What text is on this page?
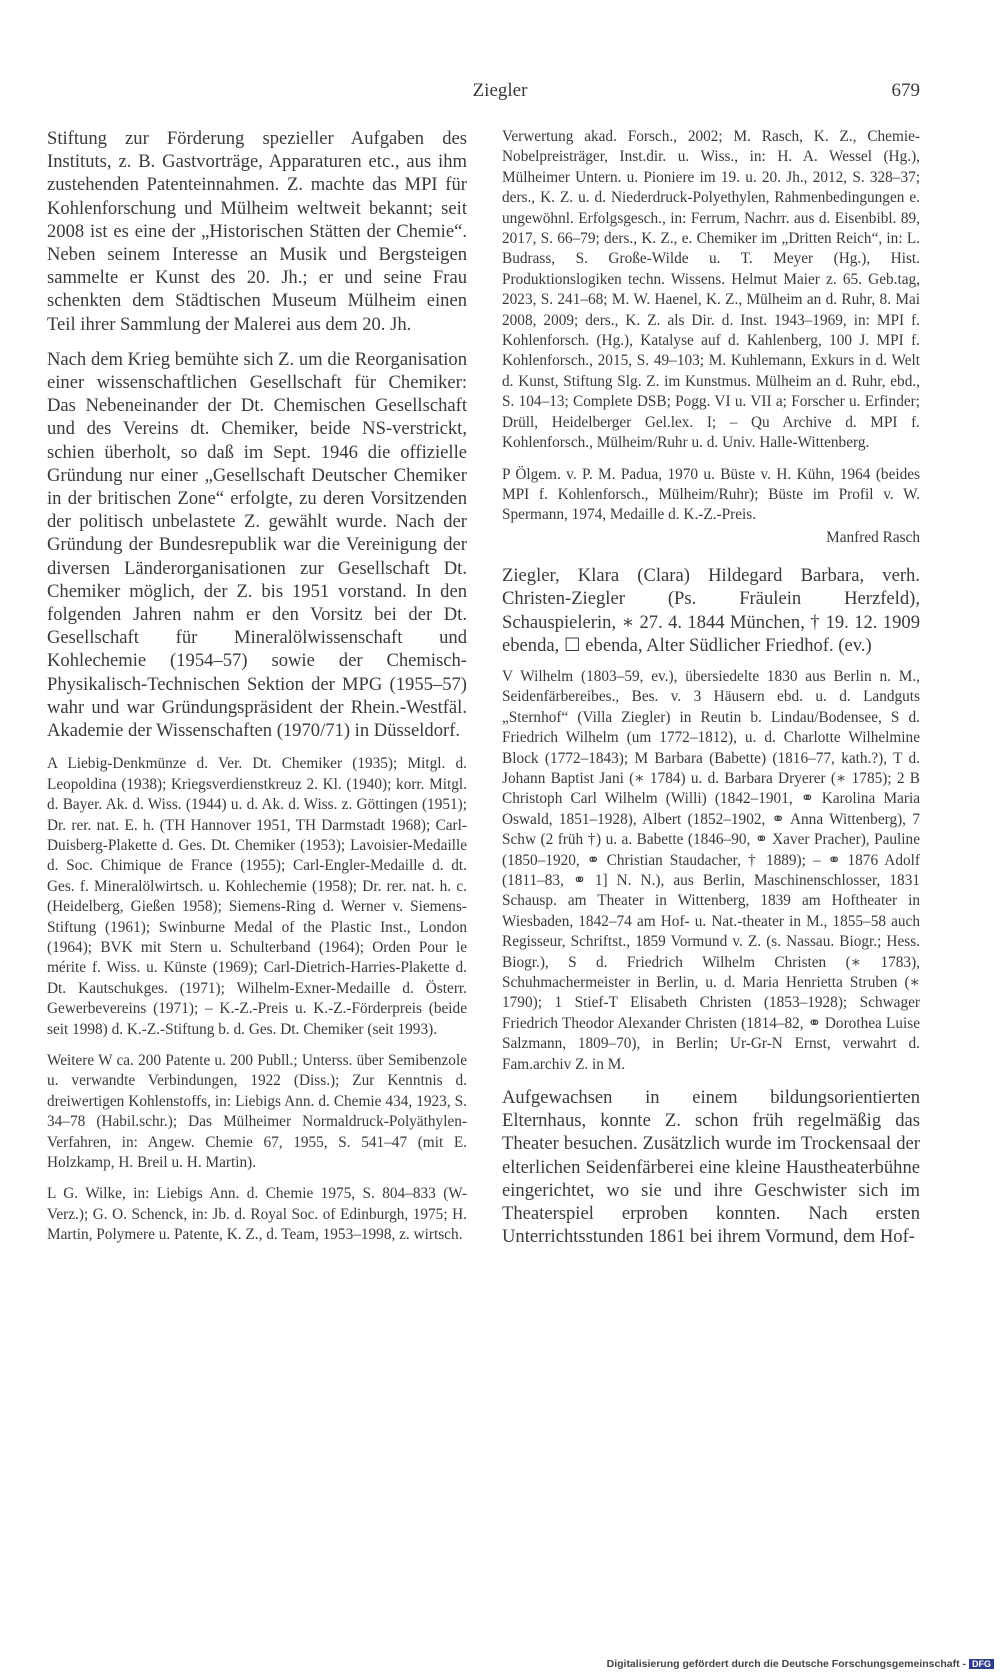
Ziegler	679

Stiftung zur Förderung spezieller Aufgaben des Instituts, z. B. Gastvorträge, Apparaturen etc., aus ihm zustehenden Patenteinnahmen. Z. machte das MPI für Kohlenforschung und Mülheim weltweit bekannt; seit 2008 ist es eine der „Historischen Stätten der Chemie“. Neben seinem Interesse an Musik und Bergsteigen sammelte er Kunst des 20. Jh.; er und seine Frau schenkten dem Städtischen Museum Mülheim einen Teil ihrer Sammlung der Malerei aus dem 20. Jh.

Nach dem Krieg bemühte sich Z. um die Reorganisation einer wissenschaftlichen Gesellschaft für Chemiker: Das Nebeneinander der Dt. Chemischen Gesellschaft und des Vereins dt. Chemiker, beide NS-verstrickt, schien überholt, so daß im Sept. 1946 die offizielle Gründung nur einer „Gesellschaft Deutscher Chemiker in der britischen Zone“ erfolgte, zu deren Vorsitzenden der politisch unbelastete Z. gewählt wurde. Nach der Gründung der Bundesrepublik war die Vereinigung der diversen Länderorganisationen zur Gesellschaft Dt. Chemiker möglich, der Z. bis 1951 vorstand. In den folgenden Jahren nahm er den Vorsitz bei der Dt. Gesellschaft für Mineralölwissenschaft und Kohlechemie (1954–57) sowie der Chemisch-Physikalisch-Technischen Sektion der MPG (1955–57) wahr und war Gründungspräsident der Rhein.-Westfäl. Akademie der Wissenschaften (1970/71) in Düsseldorf.

A Liebig-Denkmünze d. Ver. Dt. Chemiker (1935); Mitgl. d. Leopoldina (1938); Kriegsverdienstkreuz 2. Kl. (1940); korr. Mitgl. d. Bayer. Ak. d. Wiss. (1944) u. d. Ak. d. Wiss. z. Göttingen (1951); Dr. rer. nat. E. h. (TH Hannover 1951, TH Darmstadt 1968); Carl-Duisberg-Plakette d. Ges. Dt. Chemiker (1953); Lavoisier-Medaille d. Soc. Chimique de France (1955); Carl-Engler-Medaille d. dt. Ges. f. Mineralölwirtsch. u. Kohlechemie (1958); Dr. rer. nat. h. c. (Heidelberg, Gießen 1958); Siemens-Ring d. Werner v. Siemens-Stiftung (1961); Swinburne Medal of the Plastic Inst., London (1964); BVK mit Stern u. Schulterband (1964); Orden Pour le mérite f. Wiss. u. Künste (1969); Carl-Dietrich-Harries-Plakette d. Dt. Kautschukges. (1971); Wilhelm-Exner-Medaille d. Österr. Gewerbevereins (1971); – K.-Z.-Preis u. K.-Z.-Förderpreis (beide seit 1998) d. K.-Z.-Stiftung b. d. Ges. Dt. Chemiker (seit 1993).

Weitere W ca. 200 Patente u. 200 Publl.; Unterss. über Semibenzole u. verwandte Verbindungen, 1922 (Diss.); Zur Kenntnis d. dreiwertigen Kohlenstoffs, in: Liebigs Ann. d. Chemie 434, 1923, S. 34–78 (Habil.schr.); Das Mülheimer Normaldruck-Polyäthylen-Verfahren, in: Angew. Chemie 67, 1955, S. 541–47 (mit E. Holzkamp, H. Breil u. H. Martin).

L G. Wilke, in: Liebigs Ann. d. Chemie 1975, S. 804–833 (W-Verz.); G. O. Schenck, in: Jb. d. Royal Soc. of Edinburgh, 1975; H. Martin, Polymere u. Patente, K. Z., d. Team, 1953–1998, z. wirtsch.

Verwertung akad. Forsch., 2002; M. Rasch, K. Z., Chemie-Nobelpreisträger, Inst.dir. u. Wiss., in: H. A. Wessel (Hg.), Mülheimer Untern. u. Pioniere im 19. u. 20. Jh., 2012, S. 328–37; ders., K. Z. u. d. Niederdruck-Polyethylen, Rahmenbedingungen e. ungewöhnl. Erfolgsgesch., in: Ferrum, Nachrr. aus d. Eisenbibl. 89, 2017, S. 66–79; ders., K. Z., e. Chemiker im „Dritten Reich“, in: L. Budrass, S. Große-Wilde u. T. Meyer (Hg.), Hist. Produktionslogiken techn. Wissens. Helmut Maier z. 65. Geb.tag, 2023, S. 241–68; M. W. Haenel, K. Z., Mülheim an d. Ruhr, 8. Mai 2008, 2009; ders., K. Z. als Dir. d. Inst. 1943–1969, in: MPI f. Kohlenforsch. (Hg.), Katalyse auf d. Kahlenberg, 100 J. MPI f. Kohlenforsch., 2015, S. 49–103; M. Kuhlemann, Exkurs in d. Welt d. Kunst, Stiftung Slg. Z. im Kunstmus. Mülheim an d. Ruhr, ebd., S. 104–13; Complete DSB; Pogg. VI u. VII a; Forscher u. Erfinder; Drüll, Heidelberger Gel.lex. I; – Qu Archive d. MPI f. Kohlenforsch., Mülheim/Ruhr u. d. Univ. Halle-Wittenberg.

P Ölgem. v. P. M. Padua, 1970 u. Büste v. H. Kühn, 1964 (beides MPI f. Kohlenforsch., Mülheim/Ruhr); Büste im Profil v. W. Spermann, 1974, Medaille d. K.-Z.-Preis.

Manfred Rasch

Ziegler, Klara (Clara) Hildegard Barbara, verh. Christen-Ziegler (Ps. Fräulein Herzfeld), Schauspielerin, ∗ 27. 4. 1844 München, † 19. 12. 1909 ebenda, ☐ ebenda, Alter Südlicher Friedhof. (ev.)

V Wilhelm (1803–59, ev.), übersiedelte 1830 aus Berlin n. M., Seidenfärbereibes., Bes. v. 3 Häusern ebd. u. d. Landguts „Sternhof“ (Villa Ziegler) in Reutin b. Lindau/Bodensee, S d. Friedrich Wilhelm (um 1772–1812), u. d. Charlotte Wilhelmine Block (1772–1843); M Barbara (Babette) (1816–77, kath.?), T d. Johann Baptist Jani (∗ 1784) u. d. Barbara Dryerer (∗ 1785); 2 B Christoph Carl Wilhelm (Willi) (1842–1901, ⚭ Karolina Maria Oswald, 1851–1928), Albert (1852–1902, ⚭ Anna Wittenberg), 7 Schw (2 früh †) u. a. Babette (1846–90, ⚭ Xaver Pracher), Pauline (1850–1920, ⚭ Christian Staudacher, † 1889); – ⚭ 1876 Adolf (1811–83, ⚭ 1] N. N.), aus Berlin, Maschinenschlosser, 1831 Schausp. am Theater in Wittenberg, 1839 am Hoftheater in Wiesbaden, 1842–74 am Hof- u. Nat.-theater in M., 1855–58 auch Regisseur, Schriftst., 1859 Vormund v. Z. (s. Nassau. Biogr.; Hess. Biogr.), S d. Friedrich Wilhelm Christen (∗ 1783), Schuhmachermeister in Berlin, u. d. Maria Henrietta Struben (∗ 1790); 1 Stief-T Elisabeth Christen (1853–1928); Schwager Friedrich Theodor Alexander Christen (1814–82, ⚭ Dorothea Luise Salzmann, 1809–70), in Berlin; Ur-Gr-N Ernst, verwahrt d. Fam.archiv Z. in M.

Aufgewachsen in einem bildungsorientierten Elternhaus, konnte Z. schon früh regelmäßig das Theater besuchen. Zusätzlich wurde im Trockensaal der elterlichen Seidenfärberei eine kleine Haustheaterbühne eingerichtet, wo sie und ihre Geschwister sich im Theaterspiel erproben konnten. Nach ersten Unterrichtsstunden 1861 bei ihrem Vormund, dem Hof-

Digitalisierung gefördert durch die Deutsche Forschungsgemeinschaft - DFG
